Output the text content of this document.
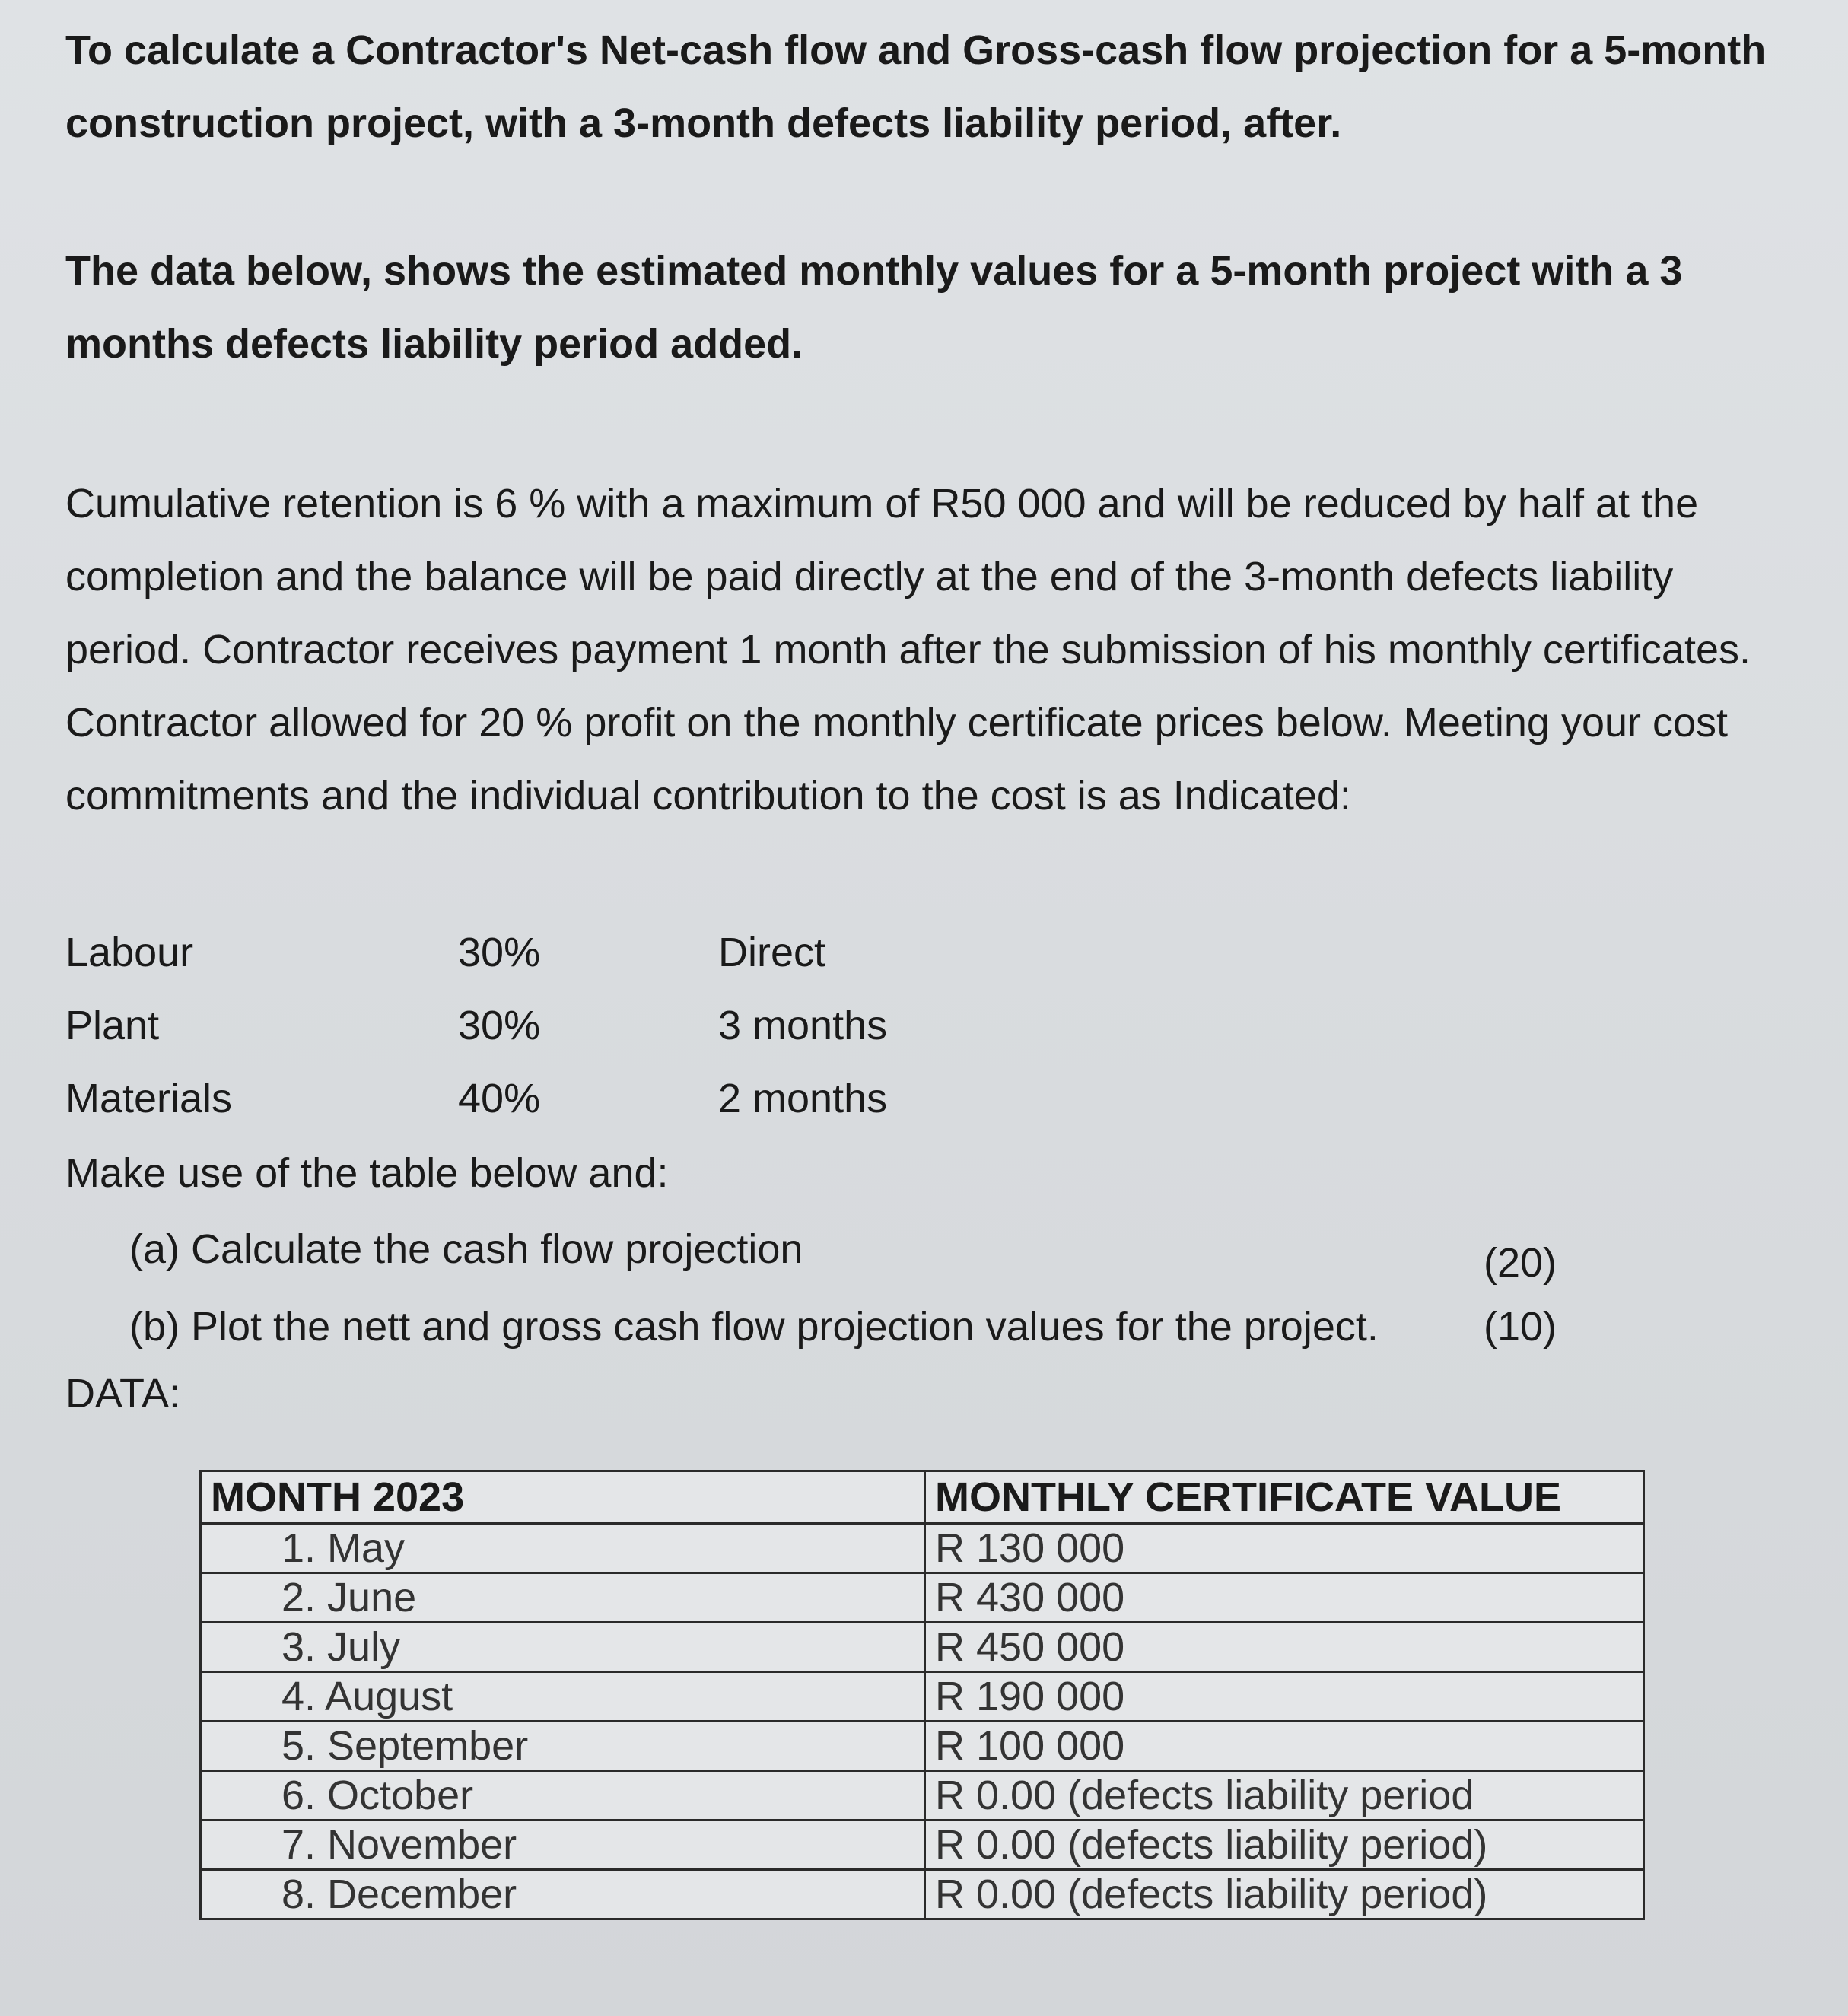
To calculate a Contractor's Net-cash flow and Gross-cash flow projection for a 5-month construction project, with a 3-month defects liability period, after.
The data below, shows the estimated monthly values for a 5-month project with a 3 months defects liability period added.
Cumulative retention is 6 % with a maximum of R50 000 and will be reduced by half at the completion and the balance will be paid directly at the end of the 3-month defects liability period. Contractor receives payment 1 month after the submission of his monthly certificates. Contractor allowed for 20 % profit on the monthly certificate prices below. Meeting your cost commitments and the individual contribution to the cost is as Indicated:
Labour	30%	Direct
Plant	30%	3 months
Materials	40%	2 months
Make use of the table below and:
(a) Calculate the cash flow projection	(20)
(b) Plot the nett and gross cash flow projection values for the project.	(10)
DATA:
MONTH 2023	MONTHLY CERTIFICATE VALUE
1. May	R 130 000
2. June	R 430 000
3. July	R 450 000
4. August	R 190 000
5. September	R 100 000
6. October	R 0.00 (defects liability period
7. November	R 0.00 (defects liability period)
8. December	R 0.00 (defects liability period)
